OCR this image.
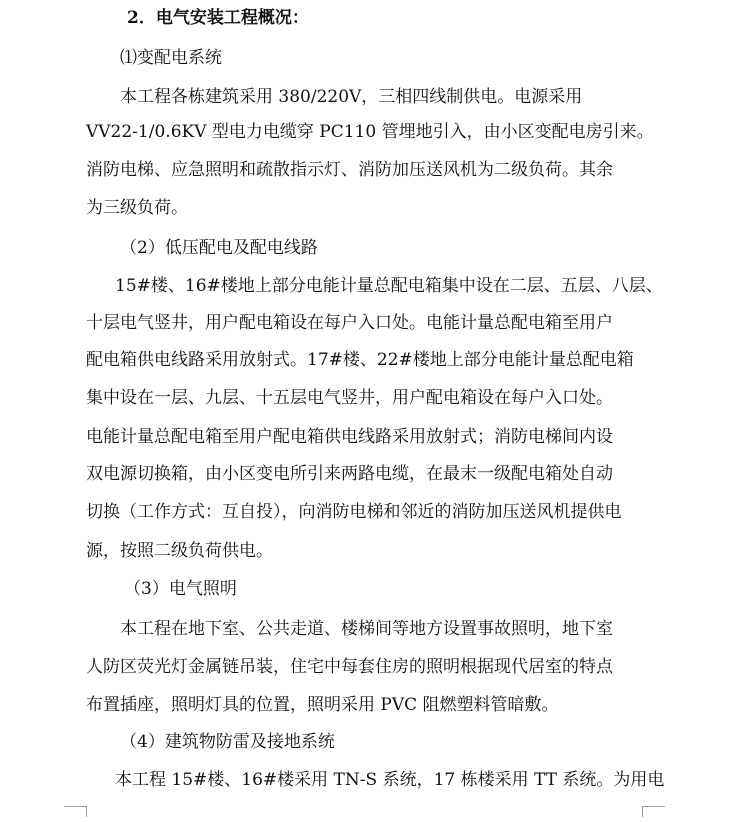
2．电气安装工程概况：
⑴变配电系统
本工程各栋建筑采用 380/220V，三相四线制供电。电源采用
VV22-1/0.6KV 型电力电缆穿 PC110 管埋地引入，由小区变配电房引来。
消防电梯、应急照明和疏散指示灯、消防加压送风机为二级负荷。其余
为三级负荷。
（2）低压配电及配电线路
15#楼、16#楼地上部分电能计量总配电箱集中设在二层、五层、八层、
十层电气竖井，用户配电箱设在每户入口处。电能计量总配电箱至用户
配电箱供电线路采用放射式。17#楼、22#楼地上部分电能计量总配电箱
集中设在一层、九层、十五层电气竖井，用户配电箱设在每户入口处。
电能计量总配电箱至用户配电箱供电线路采用放射式；消防电梯间内设
双电源切换箱，由小区变电所引来两路电缆，在最末一级配电箱处自动
切换（工作方式：互自投），向消防电梯和邻近的消防加压送风机提供电
源，按照二级负荷供电。
（3）电气照明
本工程在地下室、公共走道、楼梯间等地方设置事故照明，地下室
人防区荧光灯金属链吊装，住宅中每套住房的照明根据现代居室的特点
布置插座，照明灯具的位置，照明采用 PVC 阻燃塑料管暗敷。
（4）建筑物防雷及接地系统
本工程 15#楼、16#楼采用 TN-S 系统，17 栋楼采用 TT 系统。为用电
